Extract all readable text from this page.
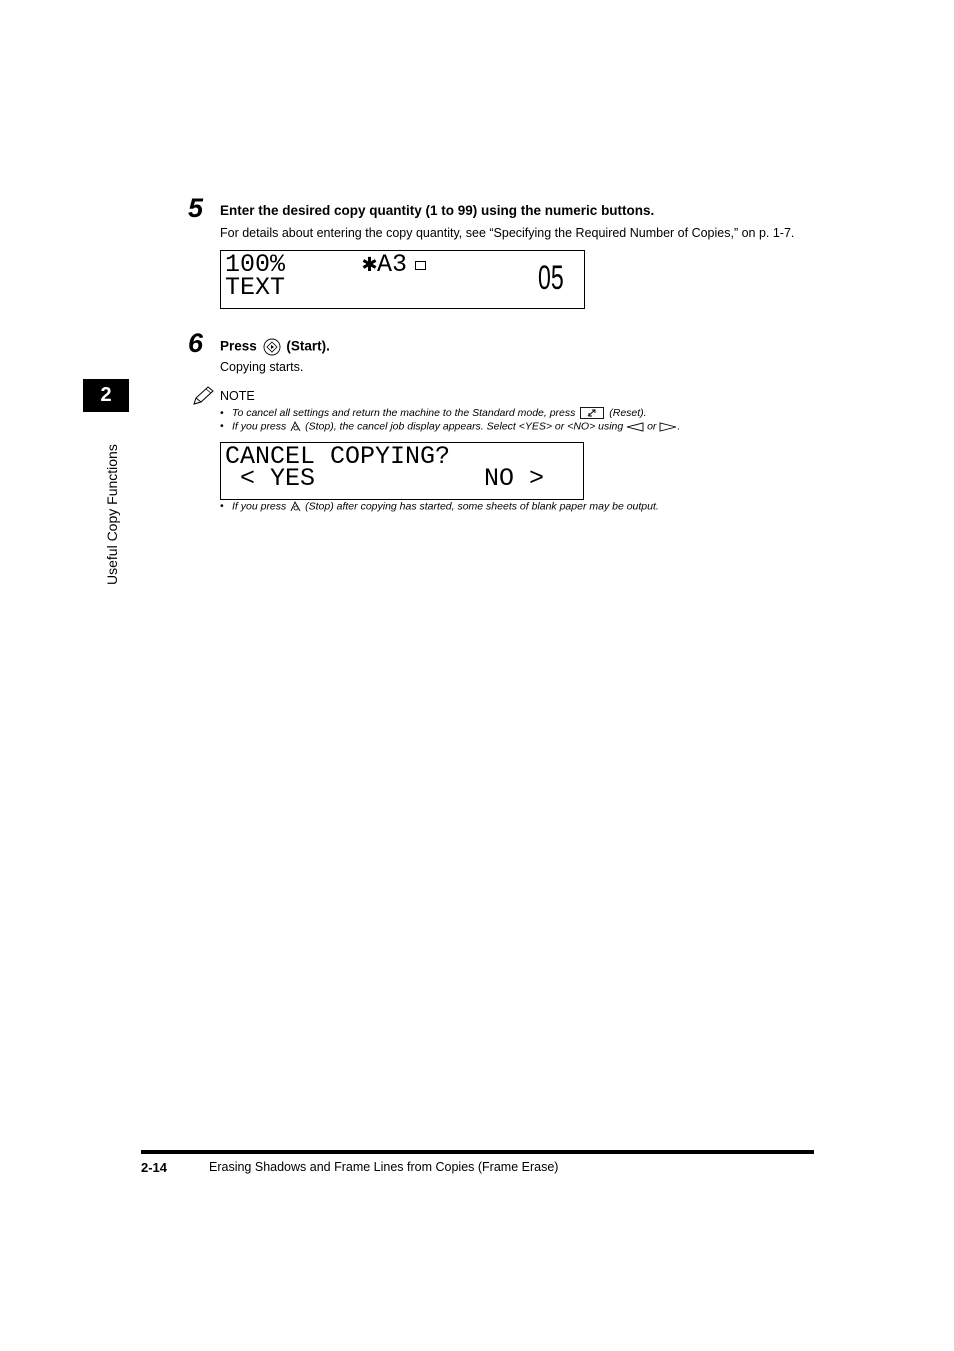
2
Useful Copy Functions
5 Enter the desired copy quantity (1 to 99) using the numeric buttons.
For details about entering the copy quantity, see “Specifying the Required Number of Copies,” on p. 1-7.
100%	✱A3
TEXT	05
6 Press (Start).
Copying starts.
NOTE
• To cancel all settings and return the machine to the Standard mode, press	(Reset).
• If you press (Stop), the cancel job display appears. Select <YES> or <NO> using or .
CANCEL COPYING?
< YES	NO >
• If you press (Stop) after copying has started, some sheets of blank paper may be output.
2-14	Erasing Shadows and Frame Lines from Copies (Frame Erase)
